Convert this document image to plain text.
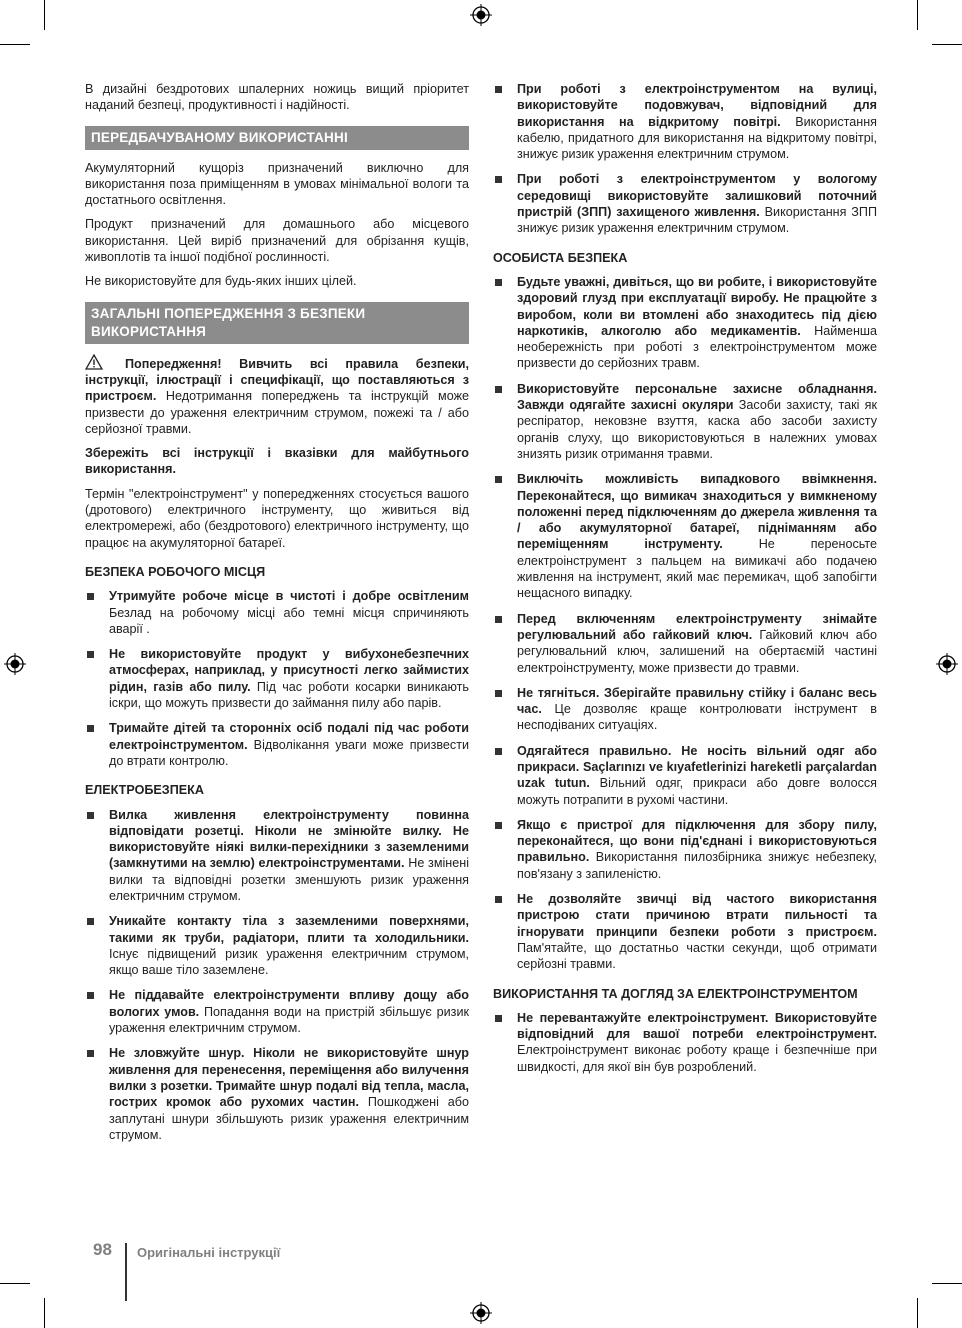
В дизайні бездротових шпалерних ножиць вищий пріоритет наданий безпеці, продуктивності і надійності.

ПЕРЕДБАЧУВАНОМУ ВИКОРИСТАННІ

Акумуляторний кущоріз призначений виключно для використання поза приміщенням в умовах мінімальної вологи та достатнього освітлення.

Продукт призначений для домашнього або місцевого використання. Цей виріб призначений для обрізання кущів, живоплотів та іншої подібної рослинності.

Не використовуйте для будь-яких інших цілей.

ЗАГАЛЬНІ ПОПЕРЕДЖЕННЯ З БЕЗПЕКИ ВИКОРИСТАННЯ

Попередження! Вивчить всі правила безпеки, інструкції, ілюстрації і специфікації, що поставляються з пристроєм. Недотримання попереджень та інструкцій може призвести до ураження електричним струмом, пожежі та / або серйозної травми.

Збережіть всі інструкції і вказівки для майбутнього використання.

Термін "електроінструмент" у попередженнях стосується вашого (дротового) електричного інструменту, що живиться від електромережі, або (бездротового) електричного інструменту, що працює на акумуляторної батареї.

БЕЗПЕКА РОБОЧОГО МІСЦЯ
Утримуйте робоче місце в чистоті і добре освітленим Безлад на робочому місці або темні місця спричиняють аварії .
Не використовуйте продукт у вибухонебезпечних атмосферах, наприклад, у присутності легко займистих рідин, газів або пилу. Під час роботи косарки виникають іскри, що можуть призвести до займання пилу або парів.
Тримайте дітей та сторонніх осіб подалі під час роботи електроінструментом. Відволікання уваги може призвести до втрати контролю.
ЕЛЕКТРОБЕЗПЕКА
Вилка живлення електроінструменту повинна відповідати розетці. Ніколи не змінюйте вилку. Не використовуйте ніякі вилки-перехідники з заземленими (замкнутими на землю) електроінструментами. Не змінені вилки та відповідні розетки зменшують ризик ураження електричним струмом.
Уникайте контакту тіла з заземленими поверхнями, такими як труби, радіатори, плити та холодильники. Існує підвищений ризик ураження електричним струмом, якщо ваше тіло заземлене.
Не піддавайте електроінструменти впливу дощу або вологих умов. Попадання води на пристрій збільшує ризик ураження електричним струмом.
Не зловжуйте шнур. Ніколи не використовуйте шнур живлення для перенесення, переміщення або вилучення вилки з розетки. Тримайте шнур подалі від тепла, масла, гострих кромок або рухомих частин. Пошкоджені або заплутані шнури збільшують ризик ураження електричним струмом.
При роботі з електроінструментом на вулиці, використовуйте подовжувач, відповідний для використання на відкритому повітрі. Використання кабелю, придатного для використання на відкритому повітрі, знижує ризик ураження електричним струмом.
При роботі з електроінструментом у вологому середовищі використовуйте залишковий поточний пристрій (ЗПП) захищеного живлення. Використання ЗПП знижує ризик ураження електричним струмом.
ОСОБИСТА БЕЗПЕКА
Будьте уважні, дивіться, що ви робите, і використовуйте здоровий глузд при експлуатації виробу. Не працюйте з виробом, коли ви втомлені або знаходитесь під дією наркотиків, алкоголю або медикаментів. Найменша необережність при роботі з електроінструментом може призвести до серйозних травм.
Використовуйте персональне захисне обладнання. Завжди одягайте захисні окуляри Засоби захисту, такі як респіратор, нековзне взуття, каска або засоби захисту органів слуху, що використовуються в належних умовах знизять ризик отримання травми.
Виключіть можливість випадкового ввімкнення. Переконайтеся, що вимикач знаходиться у вимкненому положенні перед підключенням до джерела живлення та / або акумуляторної батареї, підніманням або переміщенням інструменту. Не переносьте електроінструмент з пальцем на вимикачі або подачею живлення на інструмент, який має перемикач, щоб запобігти нещасного випадку.
Перед включенням електроінструменту знімайте регулювальний або гайковий ключ. Гайковий ключ або регулювальний ключ, залишений на обертаємій частині електроінструменту, може призвести до травми.
Не тягніться. Зберігайте правильну стійку і баланс весь час. Це дозволяє краще контролювати інструмент в несподіваних ситуаціях.
Одягайтеся правильно. Не носіть вільний одяг або прикраси. Saçlarınızı ve kıyafetlerinizi hareketli parçalardan uzak tutun. Вільний одяг, прикраси або довге волосся можуть потрапити в рухомі частини.
Якщо є пристрої для підключення для збору пилу, переконайтеся, що вони під'єднані і використовуються правильно. Використання пилозбірника знижує небезпеку, пов'язану з запиленістю.
Не дозволяйте звичці від частого використання пристрою стати причиною втрати пильності та ігнорувати принципи безпеки роботи з пристроєм. Пам'ятайте, що достатньо частки секунди, щоб отримати серйозні травми.
ВИКОРИСТАННЯ ТА ДОГЛЯД ЗА ЕЛЕКТРОІНСТРУМЕНТОМ
Не перевантажуйте електроінструмент. Використовуйте відповідний для вашої потреби електроінструмент. Електроінструмент виконає роботу краще і безпечніше при швидкості, для якої він був розроблений.
98 Оригінальні інструкції
